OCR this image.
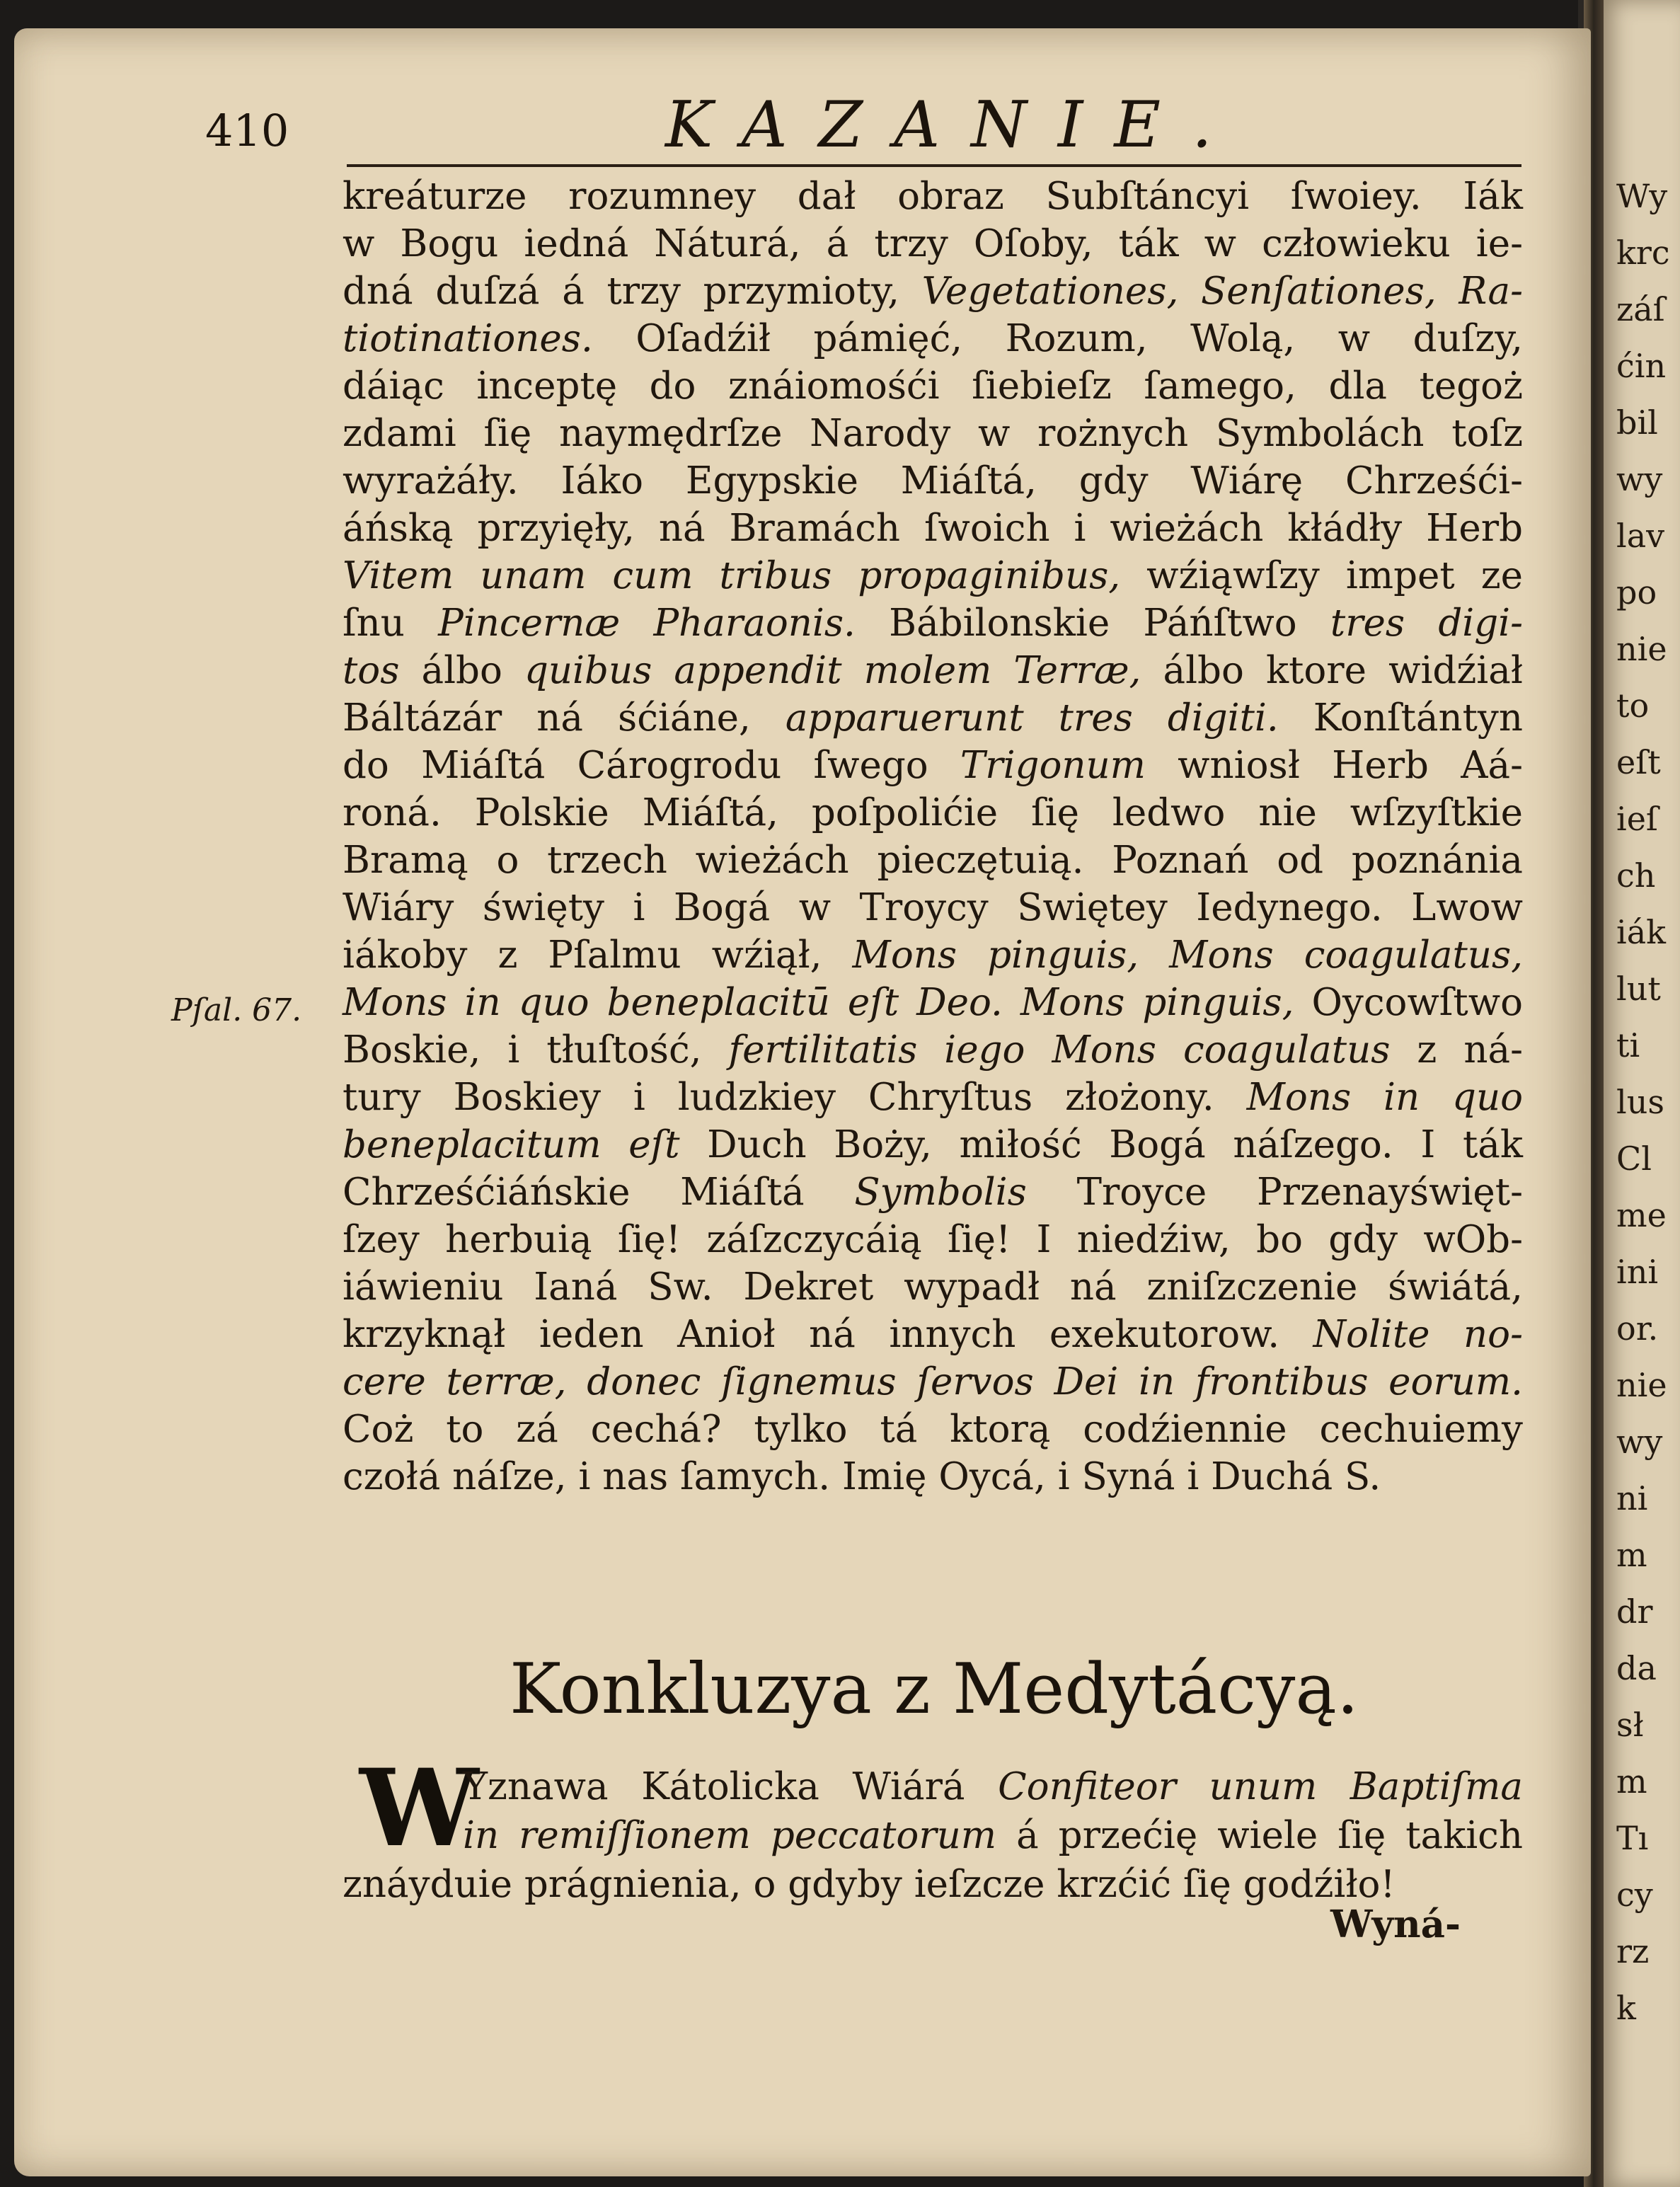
Wy
krc
záſ
ćin
bil
wy
lav
po
nie
to
eſt
ieſ
ch
iák
lut
ti
lus
Cl
me
ini
or.
nie
wy
ni
m
dr
da
sł
m
Tı
cy
rz
k
410	KAZANIE.
kreáturze rozumney dał obraz Subſtáncyi ſwoiey. Iák
w Bogu iedná Náturá, á trzy Oſoby, ták w człowieku ie-
dná duſzá á trzy przymioty, Vegetationes, Senſationes, Ra-
tiotinationes. Oſadźił pámięć, Rozum, Wolą, w duſzy,
dáiąc inceptę do znáiomośći ſiebieſz ſamego, dla tegoż
zdami ſię naymędrſze Narody w rożnych Symbolách toſz
wyrażáły. Iáko Egypskie Miáſtá, gdy Wiárę Chrześći-
áńską przyięły, ná Bramách ſwoich i wieżách kłádły Herb
Vitem unam cum tribus propaginibus, wźiąwſzy impet ze
ſnu Pincernæ Pharaonis. Bábilonskie Páńſtwo tres digi-
tos álbo quibus appendit molem Terræ, álbo ktore widźiał
Báltázár ná śćiáne, apparuerunt tres digiti. Konſtántyn
do Miáſtá Cárogrodu ſwego Trigonum wniosł Herb Aá-
roná. Polskie Miáſtá, poſpolićie ſię ledwo nie wſzyſtkie
Bramą o trzech wieżách pieczętuią. Poznań od poznánia
Wiáry święty i Bogá w Troycy Swiętey Iedynego. Lwow
iákoby z Pſalmu wźiął, Mons pinguis, Mons coagulatus,
Mons in quo beneplacitū eſt Deo. Mons pinguis, Oycowſtwo
Boskie, i tłuſtość, fertilitatis iego Mons coagulatus z ná-
tury Boskiey i ludzkiey Chryſtus złożony. Mons in quo
beneplacitum eſt Duch Boży, miłość Bogá náſzego. I ták
Chrześćiáńskie Miáſtá Symbolis Troyce Przenayświęt-
ſzey herbuią ſię! záſzczycáią ſię! I niedźiw, bo gdy wOb-
iáwieniu Ianá Sw. Dekret wypadł ná zniſzczenie świátá,
krzyknął ieden Anioł ná innych exekutorow. Nolite no-
cere terræ, donec ſignemus ſervos Dei in frontibus eorum.
Coż to zá cechá? tylko tá ktorą codźiennie cechuiemy
czołá náſze, i nas ſamych. Imię Oycá, i Syná i Duchá S.
Pſal. 67.
Konkluzya z Medytácyą.
W
Yznawa Kátolicka Wiárá Confiteor unum Baptiſma
in remiſſionem peccatorum á przećię wiele ſię takich
znáyduie prágnienia, o gdyby ieſzcze krzćić ſię godźiło!
Wyná-
